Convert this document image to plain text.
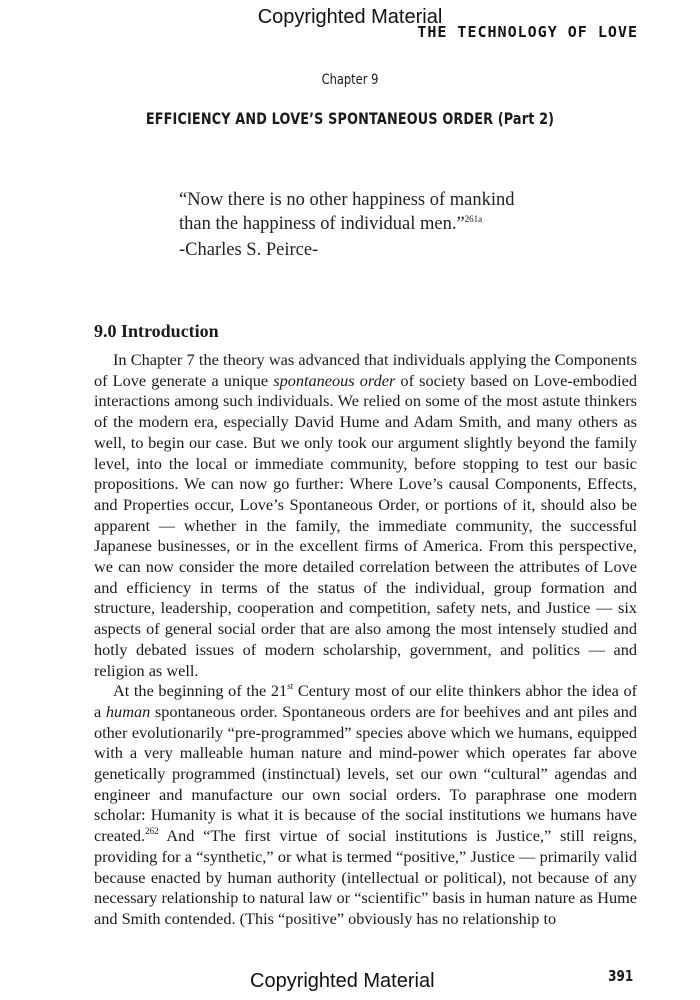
Copyrighted Material
THE TECHNOLOGY OF LOVE
Chapter 9
EFFICIENCY AND LOVE’S SPONTANEOUS ORDER (Part 2)
“Now there is no other happiness of mankind
than the happiness of individual men.”$^{261a}$
-Charles S. Peirce-
9.0 Introduction

In Chapter 7 the theory was advanced that individuals applying the Components of Love generate a unique spontaneous order of society based on Love-embodied interactions among such individuals. We relied on some of the most astute thinkers of the modern era, especially David Hume and Adam Smith, and many others as well, to begin our case. But we only took our argument slightly beyond the family level, into the local or immediate community, before stopping to test our basic propositions. We can now go further: Where Love’s causal Components, Effects, and Properties occur, Love’s Spontaneous Order, or portions of it, should also be apparent — whether in the family, the immediate community, the successful Japanese businesses, or in the excellent firms of America. From this perspective, we can now consider the more detailed correlation between the attributes of Love and efficiency in terms of the status of the individual, group formation and structure, leadership, cooperation and competition, safety nets, and Justice — six aspects of general social order that are also among the most intensely studied and hotly debated issues of modern scholarship, government, and politics — and religion as well.

At the beginning of the 21st Century most of our elite thinkers abhor the idea of a human spontaneous order. Spontaneous orders are for beehives and ant piles and other evolutionarily “pre-programmed” species above which we humans, equipped with a very malleable human nature and mind-power which operates far above genetically programmed (instinctual) levels, set our own “cultural” agendas and engineer and manufacture our own social orders. To paraphrase one modern scholar: Humanity is what it is because of the social institutions we humans have created.$^{262}$ And “The first virtue of social institutions is Justice,” still reigns, providing for a “synthetic,” or what is termed “positive,” Justice — primarily valid because enacted by human authority (intellectual or political), not because of any necessary relationship to natural law or “scientific” basis in human nature as Hume and Smith contended. (This “positive” obviously has no relationship to

Copyrighted Material	391
